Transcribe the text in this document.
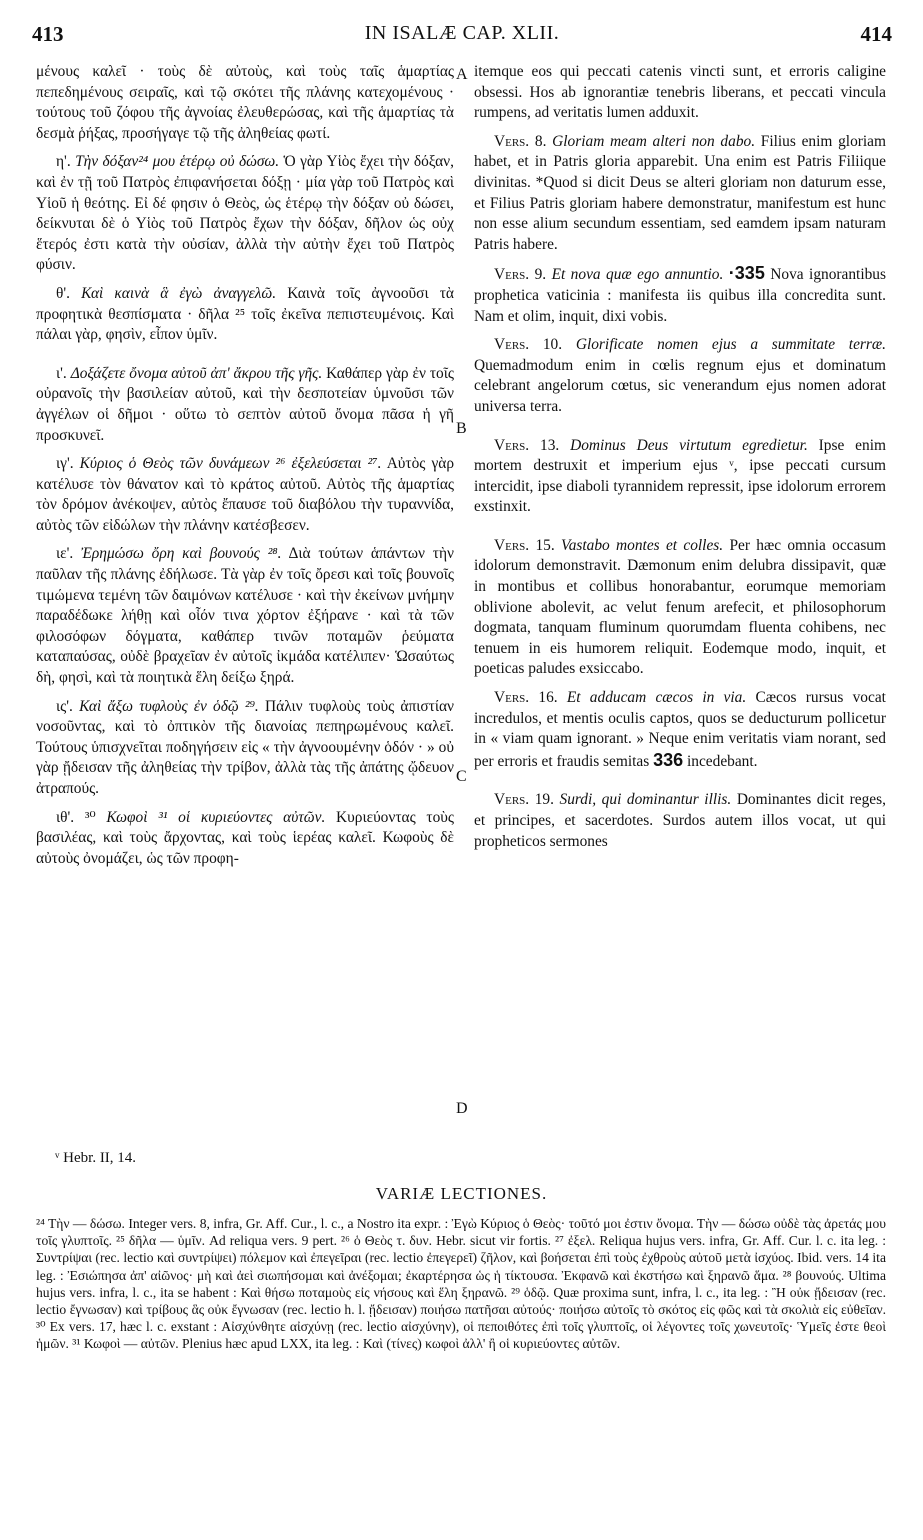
413	IN ISALÆ CAP. XLII.	414
A
B
C
D

μένους καλεῖ · τοὺς δὲ αὐτοὺς, καὶ τοὺς ταῖς ἁμαρτίας πεπεδημένους σειραῖς, καὶ τῷ σκότει τῆς πλάνης κατεχομένους · τούτους τοῦ ζόφου τῆς ἀγνοίας ἐλευθερώσας, καὶ τῆς ἁμαρτίας τὰ δεσμὰ ῥήξας, προσήγαγε τῷ τῆς ἀληθείας φωτί.

η'. Τὴν δόξαν²⁴ μου ἑτέρῳ οὐ δώσω. Ὁ γὰρ Υἱὸς ἔχει τὴν δόξαν, καὶ ἐν τῇ τοῦ Πατρὸς ἐπιφανήσεται δόξῃ · μία γὰρ τοῦ Πατρὸς καὶ Υἱοῦ ἡ θεότης. Εἰ δέ φησιν ὁ Θεὸς, ὡς ἑτέρῳ τὴν δόξαν οὐ δώσει, δείκνυται δὲ ὁ Υἱὸς τοῦ Πατρὸς ἔχων τὴν δόξαν, δῆλον ὡς οὐχ ἕτερός ἐστι κατὰ τὴν οὐσίαν, ἀλλὰ τὴν αὐτὴν ἔχει τοῦ Πατρὸς φύσιν.

θ'. Καὶ καινὰ ἃ ἐγὼ ἀναγγελῶ. Καινὰ τοῖς ἀγνοοῦσι τὰ προφητικὰ θεσπίσματα · δῆλα ²⁵ τοῖς ἐκεῖνα πεπιστευμένοις. Καὶ πάλαι γὰρ, φησὶν, εἶπον ὑμῖν.

ι'. Δοξάζετε ὄνομα αὐτοῦ ἀπ' ἄκρου τῆς γῆς. Καθάπερ γὰρ ἐν τοῖς οὐρανοῖς τὴν βασιλείαν αὐτοῦ, καὶ τὴν δεσποτείαν ὑμνοῦσι τῶν ἀγγέλων οἱ δῆμοι · οὕτω τὸ σεπτὸν αὐτοῦ ὄνομα πᾶσα ἡ γῆ προσκυνεῖ.

ιγ'. Κύριος ὁ Θεὸς τῶν δυνάμεων ²⁶ ἐξελεύσεται ²⁷. Αὐτὸς γὰρ κατέλυσε τὸν θάνατον καὶ τὸ κράτος αὐτοῦ. Αὐτὸς τῆς ἁμαρτίας τὸν δρόμον ἀνέκοψεν, αὐτὸς ἔπαυσε τοῦ διαβόλου τὴν τυραννίδα, αὐτὸς τῶν εἰδώλων τὴν πλάνην κατέσβεσεν.

ιε'. Ἐρημώσω ὄρη καὶ βουνούς ²⁸. Διὰ τούτων ἁπάντων τὴν παῦλαν τῆς πλάνης ἐδήλωσε. Τὰ γὰρ ἐν τοῖς ὄρεσι καὶ τοῖς βουνοῖς τιμώμενα τεμένη τῶν δαιμόνων κατέλυσε · καὶ τὴν ἐκείνων μνήμην παραδέδωκε λήθῃ καὶ οἷόν τινα χόρτον ἐξήρανε · καὶ τὰ τῶν φιλοσόφων δόγματα, καθάπερ τινῶν ποταμῶν ῥεύματα καταπαύσας, οὐδὲ βραχεῖαν ἐν αὐτοῖς ἰκμάδα κατέλιπεν· Ὡσαύτως δὴ, φησὶ, καὶ τὰ ποιητικὰ ἕλη δείξω ξηρά.

ις'. Καὶ ἄξω τυφλοὺς ἐν ὁδῷ ²⁹. Πάλιν τυφλοὺς τοὺς ἀπιστίαν νοσοῦντας, καὶ τὸ ὀπτικὸν τῆς διανοίας πεπηρωμένους καλεῖ. Τούτους ὑπισχνεῖται ποδηγήσειν εἰς « τὴν ἀγνοουμένην ὁδόν · » οὐ γὰρ ᾔδεισαν τῆς ἀληθείας τὴν τρίβον, ἀλλὰ τὰς τῆς ἀπάτης ᾤδευον ἀτραπούς.

ιθ'. ³⁰ Κωφοὶ ³¹ οἱ κυριεύοντες αὐτῶν. Κυριεύοντας τοὺς βασιλέας, καὶ τοὺς ἄρχοντας, καὶ τοὺς ἱερέας καλεῖ. Κωφοὺς δὲ αὐτοὺς ὀνομάζει, ὡς τῶν προφη-

itemque eos qui peccati catenis vincti sunt, et erroris caligine obsessi. Hos ab ignorantiæ tenebris liberans, et peccati vincula rumpens, ad veritatis lumen adduxit.

Vers. 8. Gloriam meam alteri non dabo. Filius enim gloriam habet, et in Patris gloria apparebit. Una enim est Patris Filiique divinitas. *Quod si dicit Deus se alteri gloriam non daturum esse, et Filius Patris gloriam habere demonstratur, manifestum est hunc non esse alium secundum essentiam, sed eamdem ipsam naturam Patris habere.

Vers. 9. Et nova quæ ego annuntio. ·335 Nova ignorantibus prophetica vaticinia : manifesta iis quibus illa concredita sunt. Nam et olim, inquit, dixi vobis.

Vers. 10. Glorificate nomen ejus a summitate terræ. Quemadmodum enim in cœlis regnum ejus et dominatum celebrant angelorum cœtus, sic venerandum ejus nomen adorat universa terra.

Vers. 13. Dominus Deus virtutum egredietur. Ipse enim mortem destruxit et imperium ejus ᵛ, ipse peccati cursum intercidit, ipse diaboli tyrannidem repressit, ipse idolorum errorem exstinxit.

Vers. 15. Vastabo montes et colles. Per hæc omnia occasum idolorum demonstravit. Dæmonum enim delubra dissipavit, quæ in montibus et collibus honorabantur, eorumque memoriam oblivione abolevit, ac velut fenum arefecit, et philosophorum dogmata, tanquam fluminum quorumdam fluenta cohibens, nec tenuem in eis humorem reliquit. Eodemque modo, inquit, et poeticas paludes exsiccabo.

Vers. 16. Et adducam cæcos in via. Cæcos rursus vocat incredulos, et mentis oculis captos, quos se deducturum pollicetur in « viam quam ignorant. » Neque enim veritatis viam norant, sed per erroris et fraudis semitas 336 incedebant.

Vers. 19. Surdi, qui dominantur illis. Dominantes dicit reges, et principes, et sacerdotes. Surdos autem illos vocat, ut qui propheticos sermones

ᵛ Hebr. II, 14.
VARIÆ LECTIONES.
²⁴ Τὴν — δώσω. Integer vers. 8, infra, Gr. Aff. Cur., l. c., a Nostro ita expr. : Ἐγὼ Κύριος ὁ Θεὸς· τοῦτό μοι ἐστιν ὄνομα. Τὴν — δώσω οὐδὲ τὰς ἀρετάς μου τοῖς γλυπτοῖς. ²⁵ δῆλα — ὑμῖν. Ad reliqua vers. 9 pert. ²⁶ ὁ Θεὸς τ. δυν. Hebr. sicut vir fortis. ²⁷ ἐξελ. Reliqua hujus vers. infra, Gr. Aff. Cur. l. c. ita leg. : Συντρίψαι (rec. lectio καὶ συντρίψει) πόλεμον καὶ ἐπεγεῖραι (rec. lectio ἐπεγερεῖ) ζῆλον, καὶ βοήσεται ἐπὶ τοὺς ἐχθροὺς αὐτοῦ μετὰ ἰσχύος. Ibid. vers. 14 ita leg. : Ἐσιώπησα ἀπ' αἰῶνος· μὴ καὶ ἀεὶ σιωπήσομαι καὶ ἀνέξομαι; ἐκαρτέρησα ὡς ἡ τίκτουσα. Ἐκφανῶ καὶ ἐκστήσω καὶ ξηρανῶ ἅμα. ²⁸ βουνούς. Ultima hujus vers. infra, l. c., ita se habent : Καὶ θήσω ποταμοὺς εἰς νήσους καὶ ἕλη ξηρανῶ. ²⁹ ὁδῷ. Quæ proxima sunt, infra, l. c., ita leg. : Ἢ οὐκ ᾔδεισαν (rec. lectio ἔγνωσαν) καὶ τρίβους ἃς οὐκ ἔγνωσαν (rec. lectio h. l. ᾔδεισαν) ποιήσω πατῆσαι αὐτούς· ποιήσω αὐτοῖς τὸ σκότος εἰς φῶς καὶ τὰ σκολιὰ εἰς εὐθεῖαν. ³⁰ Ex vers. 17, hæc l. c. exstant : Αἰσχύνθητε αἰσχύνῃ (rec. lectio αἰσχύνην), οἱ πεποιθότες ἐπὶ τοῖς γλυπτοῖς, οἱ λέγοντες τοῖς χωνευτοῖς· Ὑμεῖς ἐστε θεοὶ ἡμῶν. ³¹ Κωφοὶ — αὐτῶν. Plenius hæc apud LXX, ita leg. : Καὶ (τίνες) κωφοὶ ἀλλ' ἢ οἱ κυριεύοντες αὐτῶν.
